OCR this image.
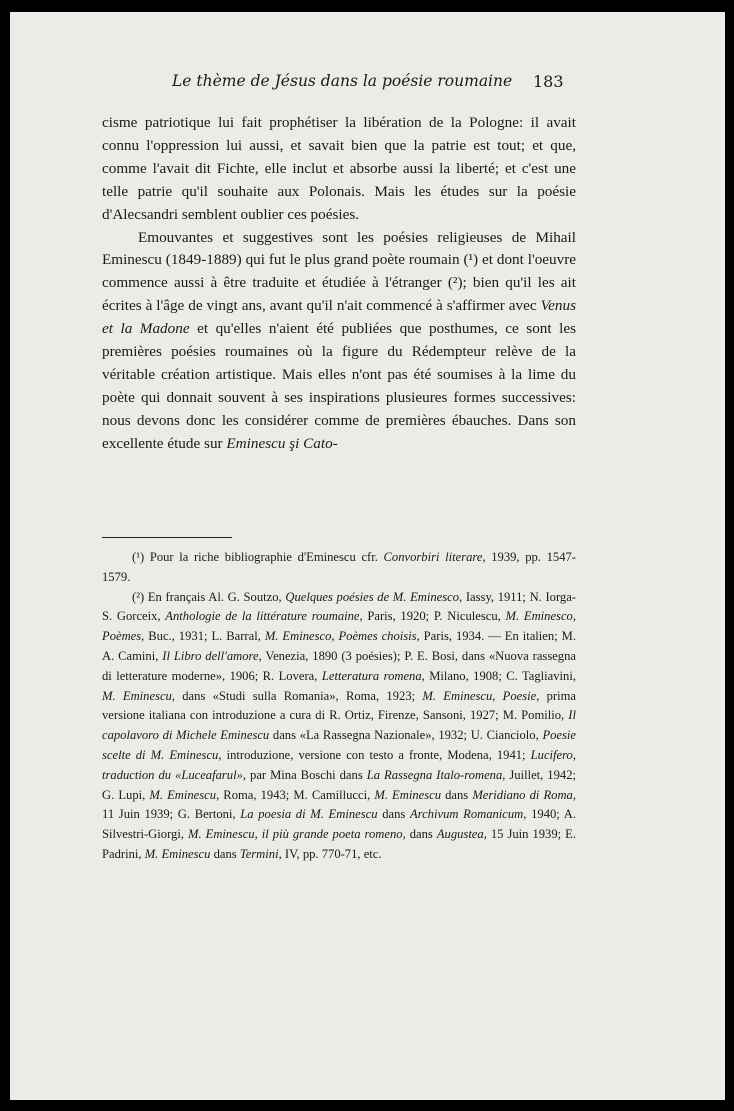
Le thème de Jésus dans la poésie roumaine 183

cisme patriotique lui fait prophétiser la libération de la Pologne: il avait connu l'oppression lui aussi, et savait bien que la patrie est tout; et que, comme l'avait dit Fichte, elle inclut et absorbe aussi la liberté; et c'est une telle patrie qu'il souhaite aux Polonais. Mais les études sur la poésie d'Alecsandri semblent oublier ces poésies.

Emouvantes et suggestives sont les poésies religieuses de Mihail Eminescu (1849-1889) qui fut le plus grand poète roumain (¹) et dont l'oeuvre commence aussi à être traduite et étudiée à l'étranger (²); bien qu'il les ait écrites à l'âge de vingt ans, avant qu'il n'ait commencé à s'affirmer avec Venus et la Madone et qu'elles n'aient été publiées que posthumes, ce sont les premières poésies roumaines où la figure du Rédempteur relève de la véritable création artistique. Mais elles n'ont pas été soumises à la lime du poète qui donnait souvent à ses inspirations plusieures formes successives: nous devons donc les considérer comme de premières ébauches. Dans son excellente étude sur Eminescu şi Cato-

(¹) Pour la riche bibliographie d'Eminescu cfr. Convorbiri literare, 1939, pp. 1547-1579.

(²) En français Al. G. Soutzo, Quelques poésies de M. Eminesco, Iassy, 1911; N. Iorga-S. Gorceix, Anthologie de la littérature roumaine, Paris, 1920; P. Niculescu, M. Eminesco, Poèmes, Buc., 1931; L. Barral, M. Eminesco, Poèmes choisis, Paris, 1934. — En italien; M. A. Camini, Il Libro dell'amore, Venezia, 1890 (3 poésies); P. E. Bosi, dans «Nuova rassegna di letterature moderne», 1906; R. Lovera, Letteratura romena, Milano, 1908; C. Tagliavini, M. Eminescu, dans «Studi sulla Romania», Roma, 1923; M. Eminescu, Poesie, prima versione italiana con introduzione a cura di R. Ortiz, Firenze, Sansoni, 1927; M. Pomilio, Il capolavoro di Michele Eminescu dans «La Rassegna Nazionale», 1932; U. Cianciolo, Poesie scelte di M. Eminescu, introduzione, versione con testo a fronte, Modena, 1941; Lucifero, traduction du «Luceafarul», par Mina Boschi dans La Rassegna Italo-romena, Juillet, 1942; G. Lupi, M. Eminescu, Roma, 1943; M. Camillucci, M. Eminescu dans Meridiano di Roma, 11 Juin 1939; G. Bertoni, La poesia di M. Eminescu dans Archivum Romanicum, 1940; A. Silvestri-Giorgi, M. Eminescu, il più grande poeta romeno, dans Augustea, 15 Juin 1939; E. Padrini, M. Eminescu dans Termini, IV, pp. 770-71, etc.
